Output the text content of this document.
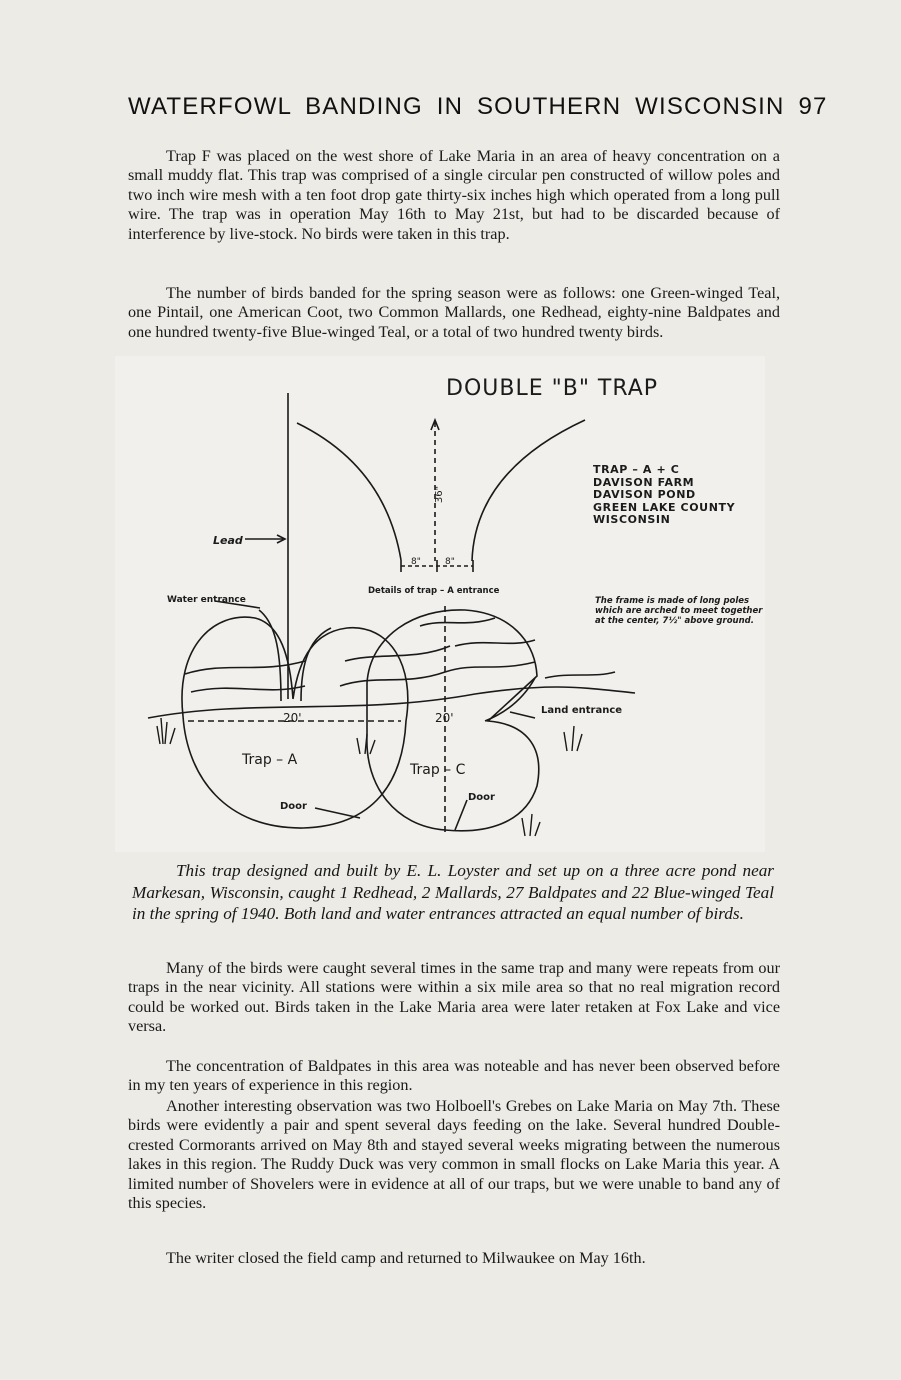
WATERFOWL BANDING IN SOUTHERN WISCONSIN 97

Trap F was placed on the west shore of Lake Maria in an area of heavy concentration on a small muddy flat. This trap was comprised of a single circular pen constructed of willow poles and two inch wire mesh with a ten foot drop gate thirty-six inches high which operated from a long pull wire. The trap was in operation May 16th to May 21st, but had to be discarded because of interference by live-stock. No birds were taken in this trap.

The number of birds banded for the spring season were as follows: one Green-winged Teal, one Pintail, one American Coot, two Common Mallards, one Redhead, eighty-nine Baldpates and one hundred twenty-five Blue-winged Teal, or a total of two hundred twenty birds.

DOUBLE "B" TRAP
TRAP – A + C
DAVISON FARM
DAVISON POND
GREEN LAKE COUNTY
WISCONSIN
The frame is made of long poles
which are arched to meet together
at the center, 7½" above ground.
Lead
Water entrance
Details of trap – A entrance
Land entrance
Trap – A
Trap – C
Door
Door
20'	20'
36"
8"	8"

This trap designed and built by E. L. Loyster and set up on a three acre pond near Markesan, Wisconsin, caught 1 Redhead, 2 Mallards, 27 Baldpates and 22 Blue-winged Teal in the spring of 1940. Both land and water entrances attracted an equal number of birds.

Many of the birds were caught several times in the same trap and many were repeats from our traps in the near vicinity. All stations were within a six mile area so that no real migration record could be worked out. Birds taken in the Lake Maria area were later retaken at Fox Lake and vice versa.

The concentration of Baldpates in this area was noteable and has never been observed before in my ten years of experience in this region.

Another interesting observation was two Holboell's Grebes on Lake Maria on May 7th. These birds were evidently a pair and spent several days feeding on the lake. Several hundred Double-crested Cormorants arrived on May 8th and stayed several weeks migrating between the numerous lakes in this region. The Ruddy Duck was very common in small flocks on Lake Maria this year. A limited number of Shovelers were in evidence at all of our traps, but we were unable to band any of this species.

The writer closed the field camp and returned to Milwaukee on May 16th.
